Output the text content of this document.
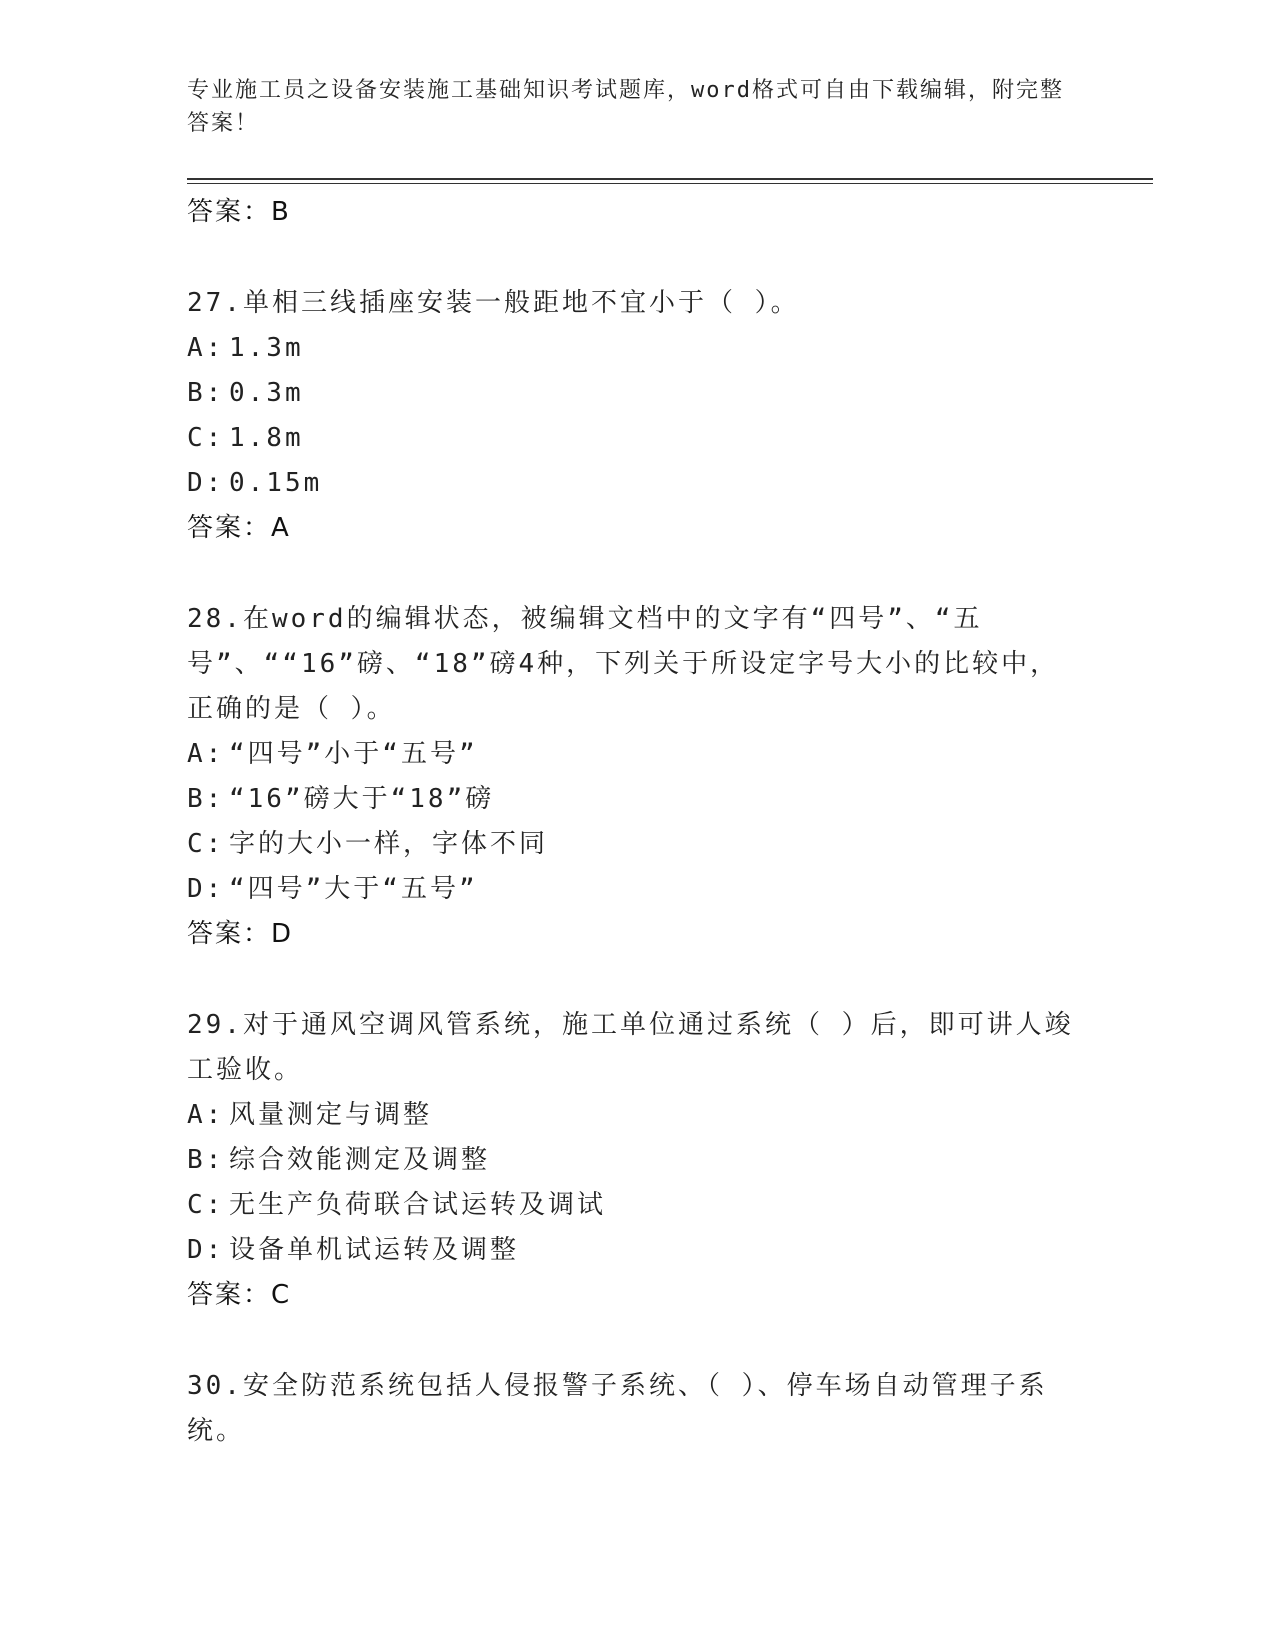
专业施工员之设备安装施工基础知识考试题库，word格式可自由下载编辑，附完整答案！
答案：B
27.单相三线插座安装一般距地不宜小于（ ）。
A: 1.3m
B: 0.3m
C: 1.8m
D: 0.15m
答案：A
28.在word的编辑状态，被编辑文档中的文字有“四号”、“五号”、““16”磅、“18”磅4种，下列关于所设定字号大小的比较中，正确的是（ ）。
A: “四号”小于“五号”
B: “16”磅大于“18”磅
C: 字的大小一样，字体不同
D: “四号”大于“五号”
答案：D
29.对于通风空调风管系统，施工单位通过系统（ ）后，即可讲人竣工验收。
A: 风量测定与调整
B: 综合效能测定及调整
C: 无生产负荷联合试运转及调试
D: 设备单机试运转及调整
答案：C
30.安全防范系统包括人侵报警子系统、（ ）、停车场自动管理子系统。
